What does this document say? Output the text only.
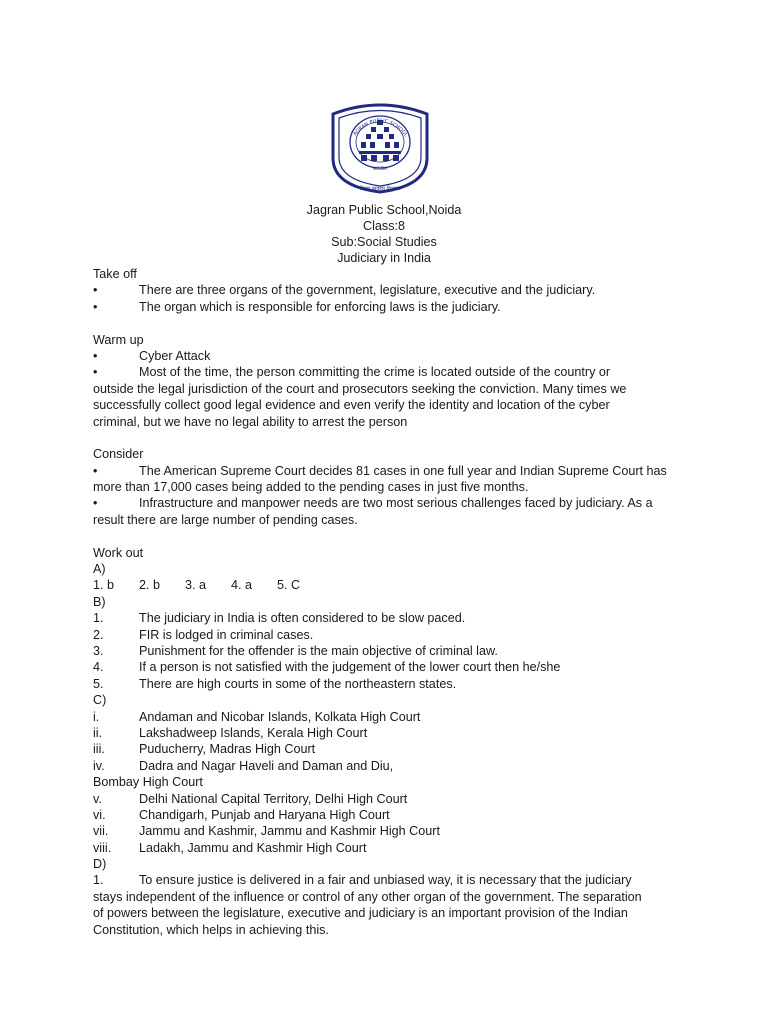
NOIDA
AGRAN PUBLIC SCHOOL
विचार व्यवहार विश्वास
Jagran Public School,Noida
Class:8
Sub:Social Studies
Judiciary in India
Take off
•	There are three organs of the government, legislature, executive and the judiciary.
•	The organ which is responsible for enforcing laws is the judiciary.
Warm up
•	Cyber Attack
•	Most of the time, the person committing the crime is located outside of the country or
outside the legal jurisdiction of the court and prosecutors seeking the conviction. Many times we
successfully collect good legal evidence and even verify the identity and location of the cyber
criminal, but we have no legal ability to arrest the person
Consider
•	The American Supreme Court decides 81 cases in one full year and Indian Supreme Court has
more than 17,000 cases being added to the pending cases in just five months.
•	Infrastructure and manpower needs are two most serious challenges faced by judiciary. As a
result there are large number of pending cases.
Work out
A)
1. b 2. b 3. a 4. a 5. C
B)
1.	The judiciary in India is often considered to be slow paced.
2.	FIR is lodged in criminal cases.
3.	Punishment for the offender is the main objective of criminal law.
4.	If a person is not satisfied with the judgement of the lower court then he/she
5.	There are high courts in some of the northeastern states.
C)
i.	Andaman and Nicobar Islands, Kolkata High Court
ii.	Lakshadweep Islands, Kerala High Court
iii.	Puducherry, Madras High Court
iv.	Dadra and Nagar Haveli and Daman and Diu,
Bombay High Court
v.	Delhi National Capital Territory, Delhi High Court
vi.	Chandigarh, Punjab and Haryana High Court
vii.	Jammu and Kashmir, Jammu and Kashmir High Court
viii.	Ladakh, Jammu and Kashmir High Court
D)
1.	To ensure justice is delivered in a fair and unbiased way, it is necessary that the judiciary
stays independent of the influence or control of any other organ of the government. The separation
of powers between the legislature, executive and judiciary is an important provision of the Indian
Constitution, which helps in achieving this.
